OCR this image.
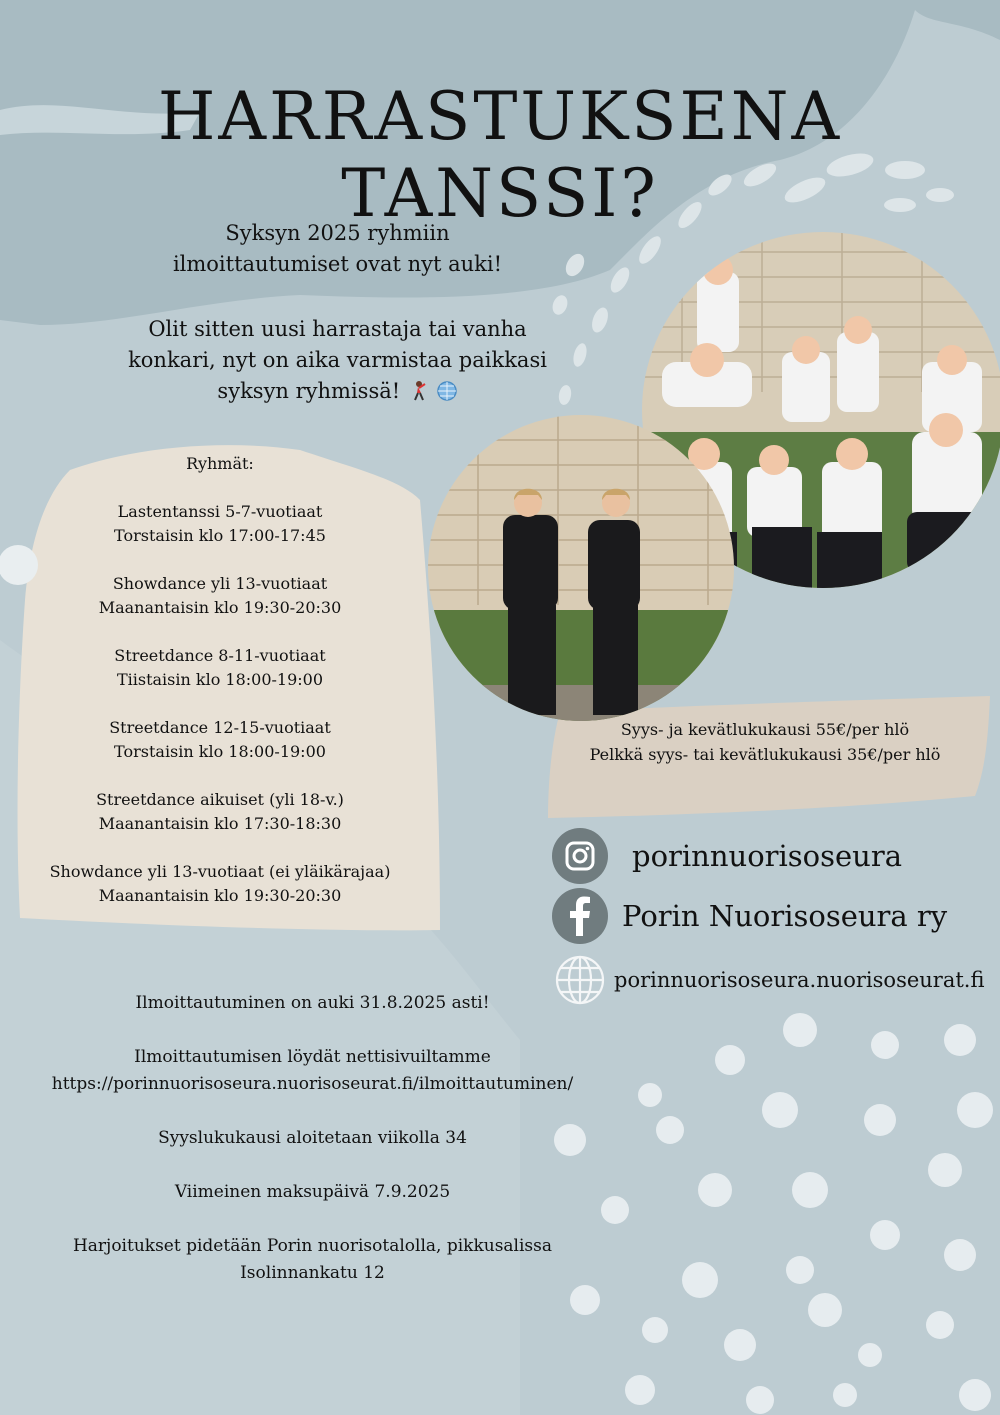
HARRASTUKSENA TANSSI?
Syksyn 2025 ryhmiin
ilmoittautumiset ovat nyt auki!
Olit sitten uusi harrastaja tai vanha
konkari, nyt on aika varmistaa paikkasi
syksyn ryhmissä!
Ryhmät:
Lastentanssi 5-7-vuotiaat
Torstaisin klo 17:00-17:45
Showdance yli 13-vuotiaat
Maanantaisin klo 19:30-20:30
Streetdance 8-11-vuotiaat
Tiistaisin klo 18:00-19:00
Streetdance 12-15-vuotiaat
Torstaisin klo 18:00-19:00
Streetdance aikuiset (yli 18-v.)
Maanantaisin klo 17:30-18:30
Showdance yli 13-vuotiaat (ei yläikärajaa)
Maanantaisin klo 19:30-20:30
Syys- ja kevätlukukausi 55€/per hlö
Pelkkä syys- tai kevätlukukausi 35€/per hlö
porinnuorisoseura
Porin Nuorisoseura ry
porinnuorisoseura.nuorisoseurat.fi
Ilmoittautuminen on auki 31.8.2025 asti!
Ilmoittautumisen löydät nettisivuiltamme
https://porinnuorisoseura.nuorisoseurat.fi/ilmoittautuminen/
Syyslukukausi aloitetaan viikolla 34
Viimeinen maksupäivä 7.9.2025
Harjoitukset pidetään Porin nuorisotalolla, pikkusalissa
Isolinnankatu 12
